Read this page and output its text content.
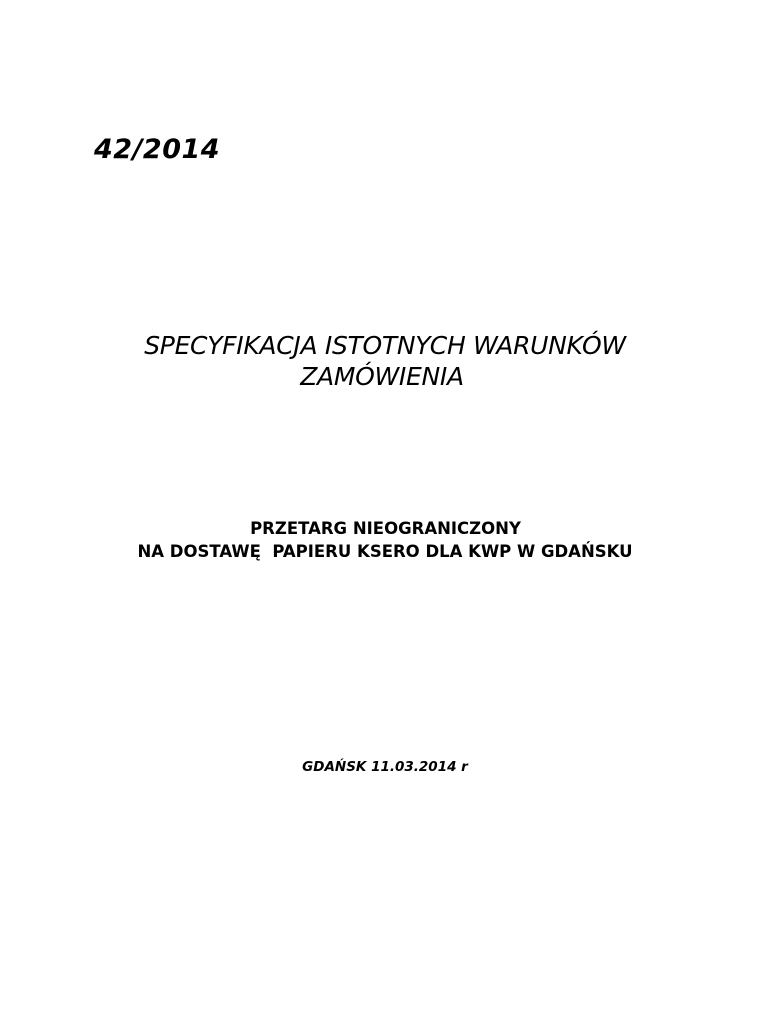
42/2014
SPECYFIKACJA ISTOTNYCH WARUNKÓW
ZAMÓWIENIA
PRZETARG NIEOGRANICZONY
NA DOSTAWĘ  PAPIERU KSERO DLA KWP W GDAŃSKU
GDAŃSK 11.03.2014 r
